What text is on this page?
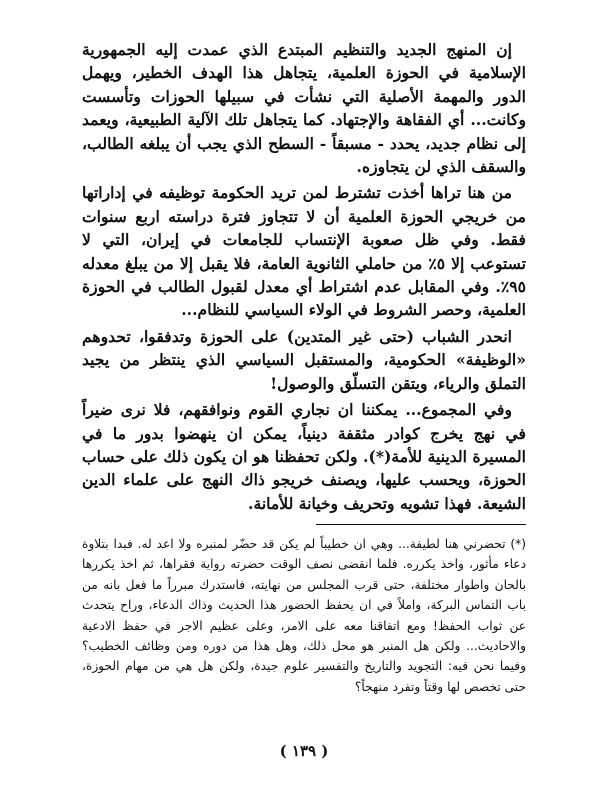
إن المنهج الجديد والتنظيم المبتدع الذي عمدت إليه الجمهورية الإسلامية في الحوزة العلمية، يتجاهل هذا الهدف الخطير، ويهمل الدور والمهمة الأصلية التي نشأت في سبيلها الحوزات وتأسست وكانت... أي الفقاهة والإجتهاد. كما يتجاهل تلك الآلية الطبيعية، ويعمد إلى نظام جديد، يحدد - مسبقاً - السطح الذي يجب أن يبلغه الطالب، والسقف الذي لن يتجاوزه.

من هنا تراها أخذت تشترط لمن تريد الحكومة توظيفه في إداراتها من خريجي الحوزة العلمية أن لا تتجاوز فترة دراسته اربع سنوات فقط. وفي ظل صعوبة الإنتساب للجامعات في إيران، التي لا تستوعب إلا ٥٪ من حاملي الثانوية العامة، فلا يقبل إلا من يبلغ معدله ٩٥٪. وفي المقابل عدم اشتراط أي معدل لقبول الطالب في الحوزة العلمية، وحصر الشروط في الولاء السياسي للنظام...

انحدر الشباب (حتى غير المتدين) على الحوزة وتدفقوا، تحدوهم «الوظيفة» الحكومية، والمستقبل السياسي الذي ينتظر من يجيد التملق والرياء، ويتقن التسلّق والوصول!

وفي المجموع... يمكننا ان نجاري القوم ونوافقهم، فلا نرى ضيراً في نهج يخرج كوادر مثقفة دينياً، يمكن ان ينهضوا بدور ما في المسيرة الدينية للأمة(*). ولكن تحفظنا هو ان يكون ذلك على حساب الحوزة، ويحسب عليها، ويصنف خريجو ذاك النهج على علماء الدين الشيعة. فهذا تشويه وتحريف وخيانة للأمانة.

(*) تحضرني هنا لطيفة... وهي ان خطيباً لم يكن قد حضّر لمنبره ولا اعد له. فبدا بتلاوة دعاء مأثور، واخذ يكرره. فلما انقضى نصف الوقت حضرته رواية فقراها، ثم اخذ يكررها بالحان واطوار مختلفة، حتى قرب المجلس من نهايته، فاستدرك مبرراً ما فعل بانه من باب التماس البركة، واملاً في ان يحفظ الحضور هذا الحديث وذاك الدعاء، وراح يتحدث عن ثواب الحفظ! ومع اتفاقنا معه على الامر، وعلى عظيم الاجر في حفظ الادعية والاحاديث... ولكن هل المنبر هو محل ذلك، وهل هذا من دوره ومن وظائف الخطيب؟ وفيما نحن فيه: التجويد والتاريخ والتفسير علوم جيدة، ولكن هل هي من مهام الحوزة، حتى تخصص لها وقتاً وتفرد منهجاً؟

( ١٣٩ )
